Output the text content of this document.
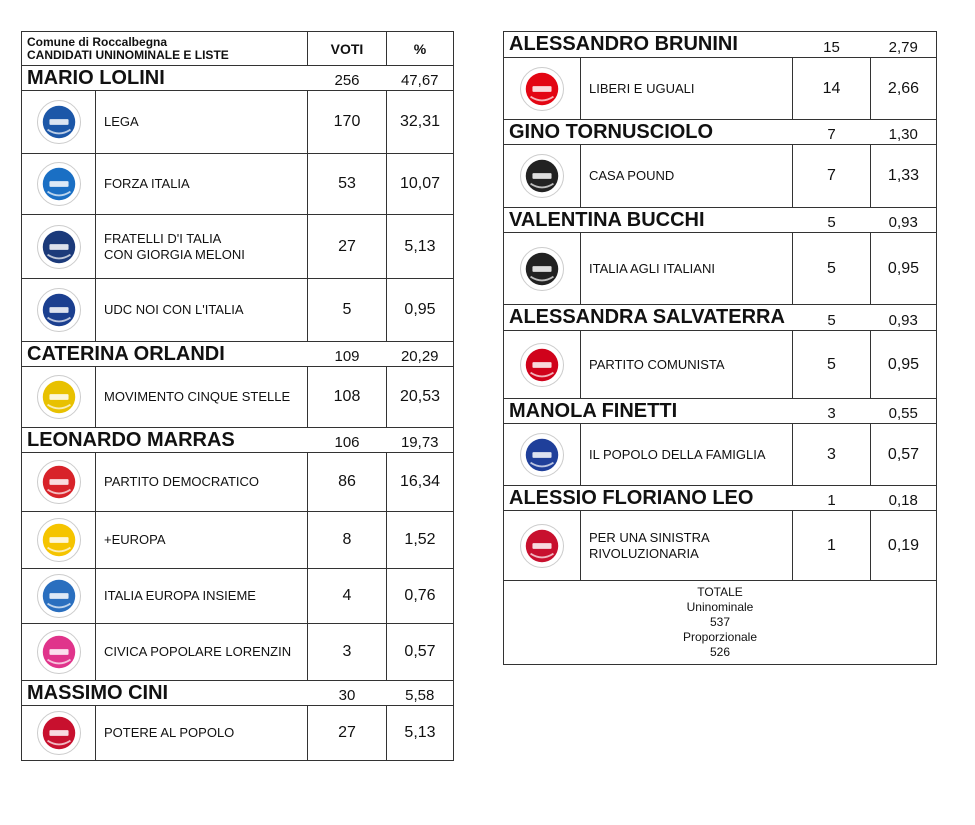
Comune di Roccalbegna
CANDIDATI UNINOMINALE E LISTE		VOTI	%
MARIO LOLINI		256	47,67

	LEGA	170	32,31

	FORZA ITALIA	53	10,07

FRATELLI D'I TALIA
CON GIORGIA MELONI	27	5,13

	UDC NOI CON L'ITALIA	5	0,95
CATERINA ORLANDI		109	20,29

	MOVIMENTO CINQUE STELLE	108	20,53
LEONARDO MARRAS		106	19,73

	PARTITO DEMOCRATICO	86	16,34

	+EUROPA	8	1,52

	ITALIA EUROPA INSIEME	4	0,76

	CIVICA POPOLARE LORENZIN	3	0,57
MASSIMO CINI		30	5,58

	POTERE AL POPOLO	27	5,13
ALESSANDRO BRUNINI		15	2,79

	LIBERI E UGUALI	14	2,66
GINO TORNUSCIOLO		7	1,30

	CASA POUND	7	1,33
VALENTINA BUCCHI		5	0,93

	ITALIA AGLI ITALIANI	5	0,95
ALESSANDRA SALVATERRA		5	0,93

	PARTITO COMUNISTA	5	0,95
MANOLA FINETTI		3	0,55

	IL POPOLO DELLA FAMIGLIA	3	0,57
ALESSIO FLORIANO LEO		1	0,18

PER UNA SINISTRA
RIVOLUZIONARIA	1	0,19

TOTALE
Uninominale
537
Proporzionale
526			
